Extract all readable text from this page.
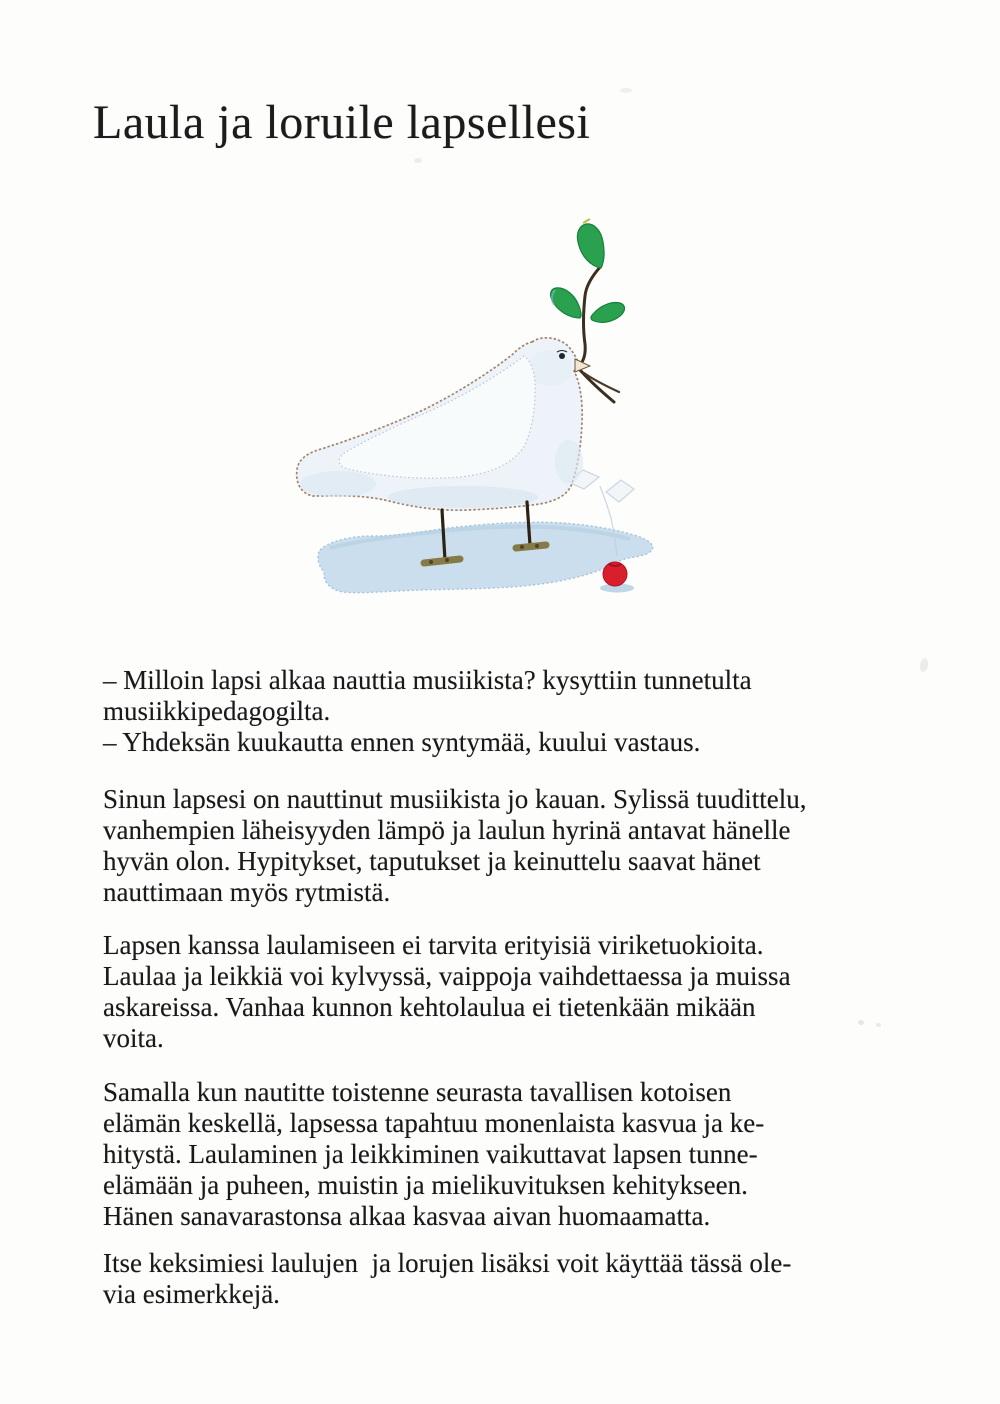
Laula ja loruile lapsellesi
– Milloin lapsi alkaa nauttia musiikista? kysyttiin tunnetulta
musiikkipedagogilta.
– Yhdeksän kuukautta ennen syntymää, kuului vastaus.
Sinun lapsesi on nauttinut musiikista jo kauan. Sylissä tuudittelu,
vanhempien läheisyyden lämpö ja laulun hyrinä antavat hänelle
hyvän olon. Hypitykset, taputukset ja keinuttelu saavat hänet
nauttimaan myös rytmistä.
Lapsen kanssa laulamiseen ei tarvita erityisiä viriketuokioita.
Laulaa ja leikkiä voi kylvyssä, vaippoja vaihdettaessa ja muissa
askareissa. Vanhaa kunnon kehtolaulua ei tietenkään mikään
voita.
Samalla kun nautitte toistenne seurasta tavallisen kotoisen
elämän keskellä, lapsessa tapahtuu monenlaista kasvua ja ke-
hitystä. Laulaminen ja leikkiminen vaikuttavat lapsen tunne-
elämään ja puheen, muistin ja mielikuvituksen kehitykseen.
Hänen sanavarastonsa alkaa kasvaa aivan huomaamatta.
Itse keksimiesi laulujen  ja lorujen lisäksi voit käyttää tässä ole-
via esimerkkejä.
